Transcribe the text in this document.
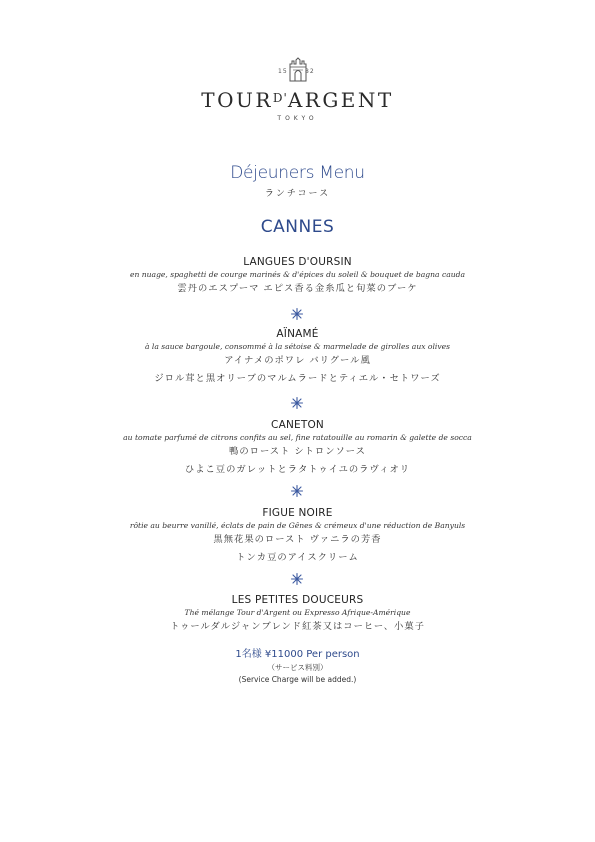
15	82
$TOUR^{D'}ARGENT$
TOKYO
Déjeuners Menu
ランチコース
CANNES
LANGUES D'OURSIN
en nuage, spaghetti de courge marinés & d'épices du soleil & bouquet de bagna cauda
雲丹のエスプーマ エピス香る金糸瓜と旬菜のブーケ
AÏNAMÉ
à la sauce bargoule, consommé à la sétoise & marmelade de girolles aux olives
アイナメのポワレ バリグール風
ジロル茸と黒オリーブのマルムラードとティエル・セトワーズ
CANETON
au tomate parfumé de citrons confits au sel, fine ratatouille au romarin & galette de socca
鴨のロースト シトロンソース
ひよこ豆のガレットとラタトゥイユのラヴィオリ
FIGUE NOIRE
rôtie au beurre vanillé, éclats de pain de Gênes & crémeux d'une réduction de Banyuls
黒無花果のロースト ヴァニラの芳香
トンカ豆のアイスクリーム
LES PETITES DOUCEURS
Thé mélange Tour d'Argent ou Expresso Afrique-Amérique
トゥールダルジャンブレンド紅茶又はコーヒー、小菓子
1名様 ¥11000 Per person
（サービス料別）
(Service Charge will be added.)
